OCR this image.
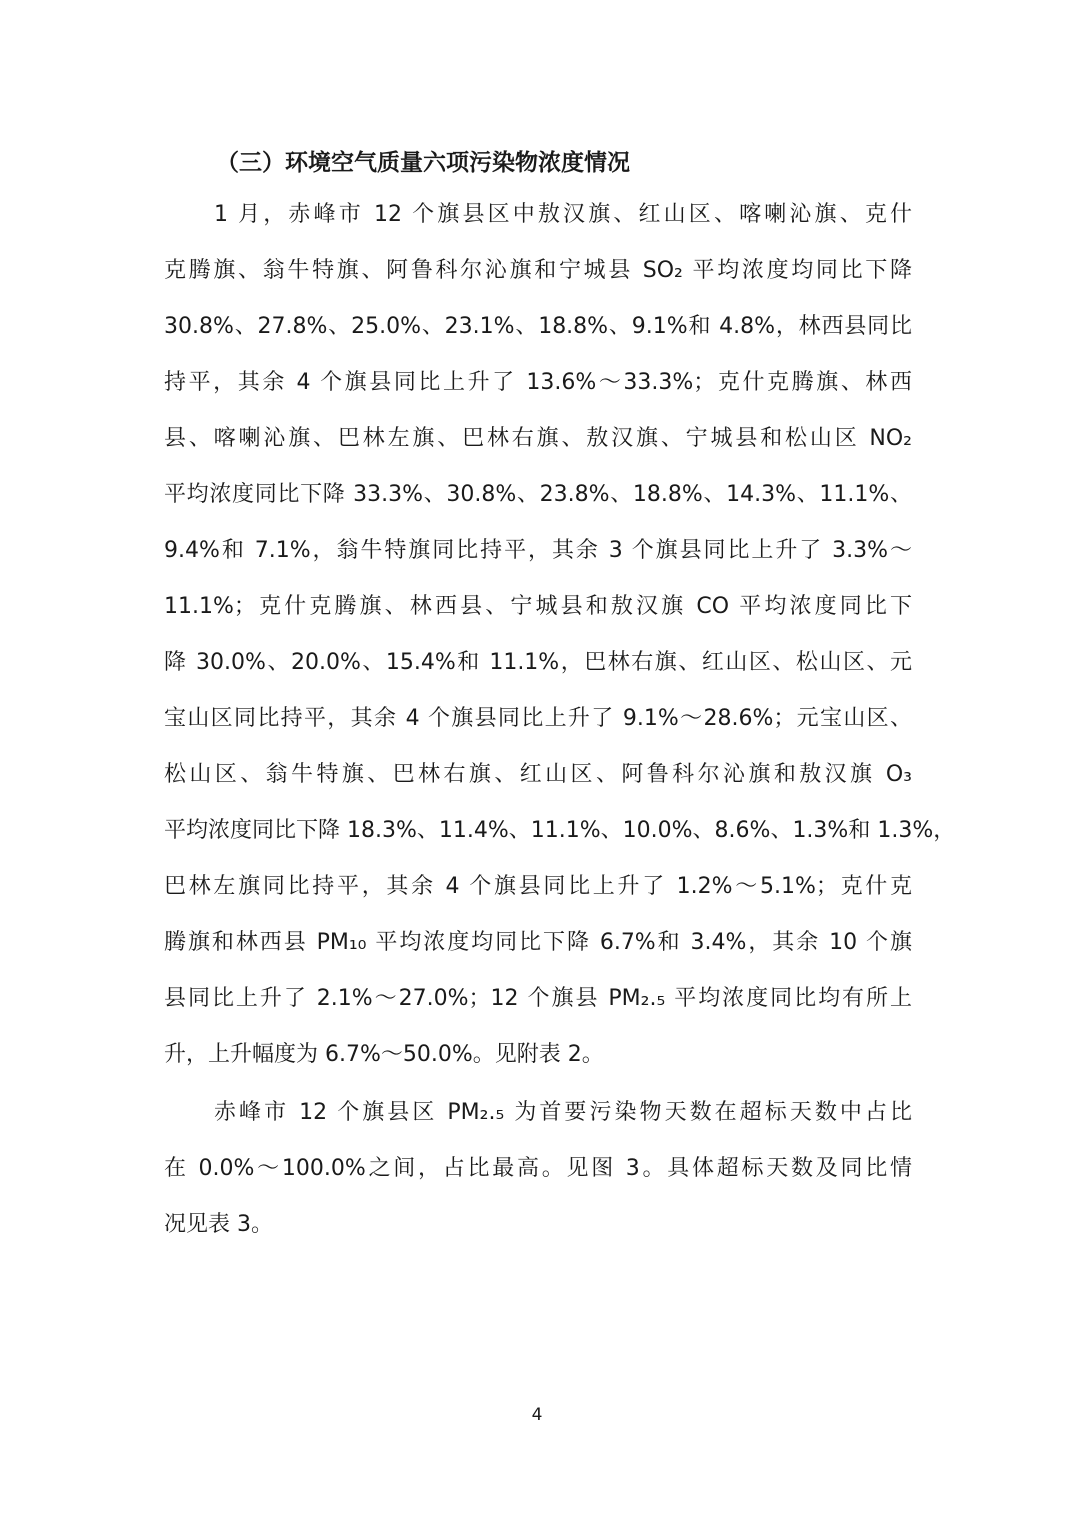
（三）环境空气质量六项污染物浓度情况
1 月，赤峰市 12 个旗县区中敖汉旗、红山区、喀喇沁旗、克什
克腾旗、翁牛特旗、阿鲁科尔沁旗和宁城县 SO₂ 平均浓度均同比下降
30.8%、27.8%、25.0%、23.1%、18.8%、9.1%和 4.8%，林西县同比
持平，其余 4 个旗县同比上升了 13.6%～33.3%；克什克腾旗、林西
县、喀喇沁旗、巴林左旗、巴林右旗、敖汉旗、宁城县和松山区 NO₂
平均浓度同比下降 33.3%、30.8%、23.8%、18.8%、14.3%、11.1%、
9.4%和 7.1%，翁牛特旗同比持平，其余 3 个旗县同比上升了 3.3%～
11.1%；克什克腾旗、林西县、宁城县和敖汉旗 CO 平均浓度同比下
降 30.0%、20.0%、15.4%和 11.1%，巴林右旗、红山区、松山区、元
宝山区同比持平，其余 4 个旗县同比上升了 9.1%～28.6%；元宝山区、
松山区、翁牛特旗、巴林右旗、红山区、阿鲁科尔沁旗和敖汉旗 O₃
平均浓度同比下降 18.3%、11.4%、11.1%、10.0%、8.6%、1.3%和 1.3%，
巴林左旗同比持平，其余 4 个旗县同比上升了 1.2%～5.1%；克什克
腾旗和林西县 PM₁₀ 平均浓度均同比下降 6.7%和 3.4%，其余 10 个旗
县同比上升了 2.1%～27.0%；12 个旗县 PM₂.₅ 平均浓度同比均有所上
升，上升幅度为 6.7%～50.0%。见附表 2。
赤峰市 12 个旗县区 PM₂.₅ 为首要污染物天数在超标天数中占比
在 0.0%～100.0%之间，占比最高。见图 3。具体超标天数及同比情
况见表 3。
4
